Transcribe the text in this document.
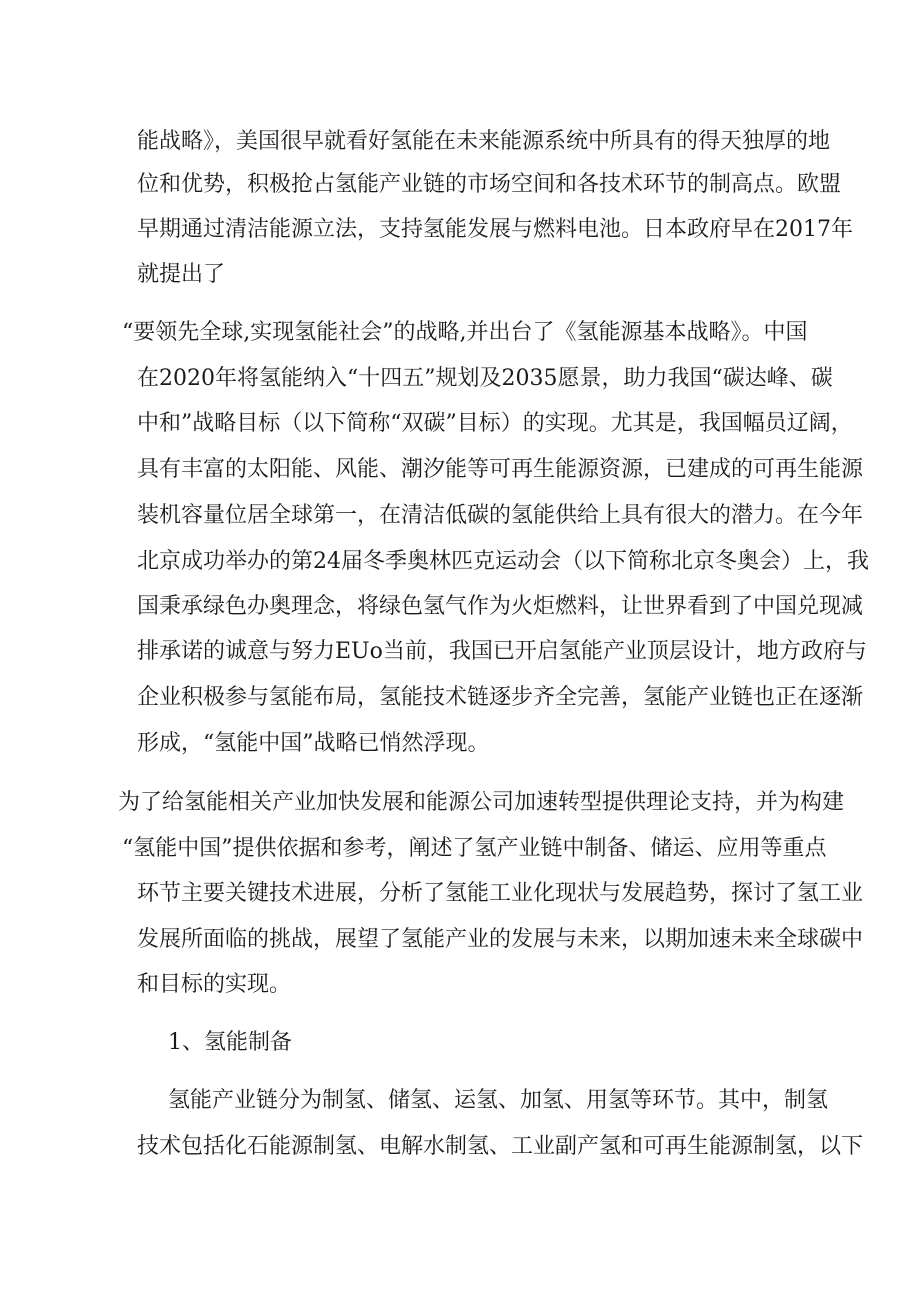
能战略》，美国很早就看好氢能在未来能源系统中所具有的得天独厚的地
位和优势，积极抢占氢能产业链的市场空间和各技术环节的制高点。欧盟
早期通过清洁能源立法，支持氢能发展与燃料电池。日本政府早在2017年
就提出了
“要领先全球,实现氢能社会”的战略,并出台了《氢能源基本战略》。中国
在2020年将氢能纳入“十四五”规划及2035愿景，助力我国“碳达峰、碳
中和”战略目标（以下简称“双碳”目标）的实现。尤其是，我国幅员辽阔，
具有丰富的太阳能、风能、潮汐能等可再生能源资源，已建成的可再生能源
装机容量位居全球第一，在清洁低碳的氢能供给上具有很大的潜力。在今年
北京成功举办的第24届冬季奥林匹克运动会（以下简称北京冬奥会）上，我
国秉承绿色办奥理念，将绿色氢气作为火炬燃料，让世界看到了中国兑现减
排承诺的诚意与努力EUo当前，我国已开启氢能产业顶层设计，地方政府与
企业积极参与氢能布局，氢能技术链逐步齐全完善，氢能产业链也正在逐渐
形成，“氢能中国”战略已悄然浮现。
为了给氢能相关产业加快发展和能源公司加速转型提供理论支持，并为构建
“氢能中国”提供依据和参考，阐述了氢产业链中制备、储运、应用等重点
环节主要关键技术进展，分析了氢能工业化现状与发展趋势，探讨了氢工业
发展所面临的挑战，展望了氢能产业的发展与未来，以期加速未来全球碳中
和目标的实现。
1、氢能制备
氢能产业链分为制氢、储氢、运氢、加氢、用氢等环节。其中，制氢
技术包括化石能源制氢、电解水制氢、工业副产氢和可再生能源制氢，以下
